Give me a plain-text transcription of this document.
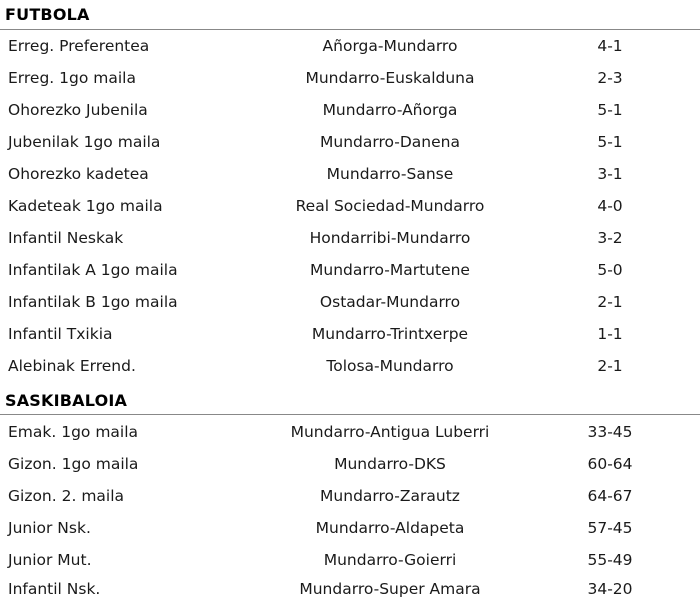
FUTBOLA
Erreg. Preferentea	Añorga-Mundarro	4-1
Erreg. 1go maila	Mundarro-Euskalduna	2-3
Ohorezko Jubenila	Mundarro-Añorga	5-1
Jubenilak 1go maila	Mundarro-Danena	5-1
Ohorezko kadetea	Mundarro-Sanse	3-1
Kadeteak 1go maila	Real Sociedad-Mundarro	4-0
Infantil Neskak	Hondarribi-Mundarro	3-2
Infantilak A 1go maila	Mundarro-Martutene	5-0
Infantilak B 1go maila	Ostadar-Mundarro	2-1
Infantil Txikia	Mundarro-Trintxerpe	1-1
Alebinak Errend.	Tolosa-Mundarro	2-1
SASKIBALOIA
Emak. 1go maila	Mundarro-Antigua Luberri	33-45
Gizon. 1go maila	Mundarro-DKS	60-64
Gizon. 2. maila	Mundarro-Zarautz	64-67
Junior Nsk.	Mundarro-Aldapeta	57-45
Junior Mut.	Mundarro-Goierri	55-49
Infantil Nsk.	Mundarro-Super Amara	34-20
